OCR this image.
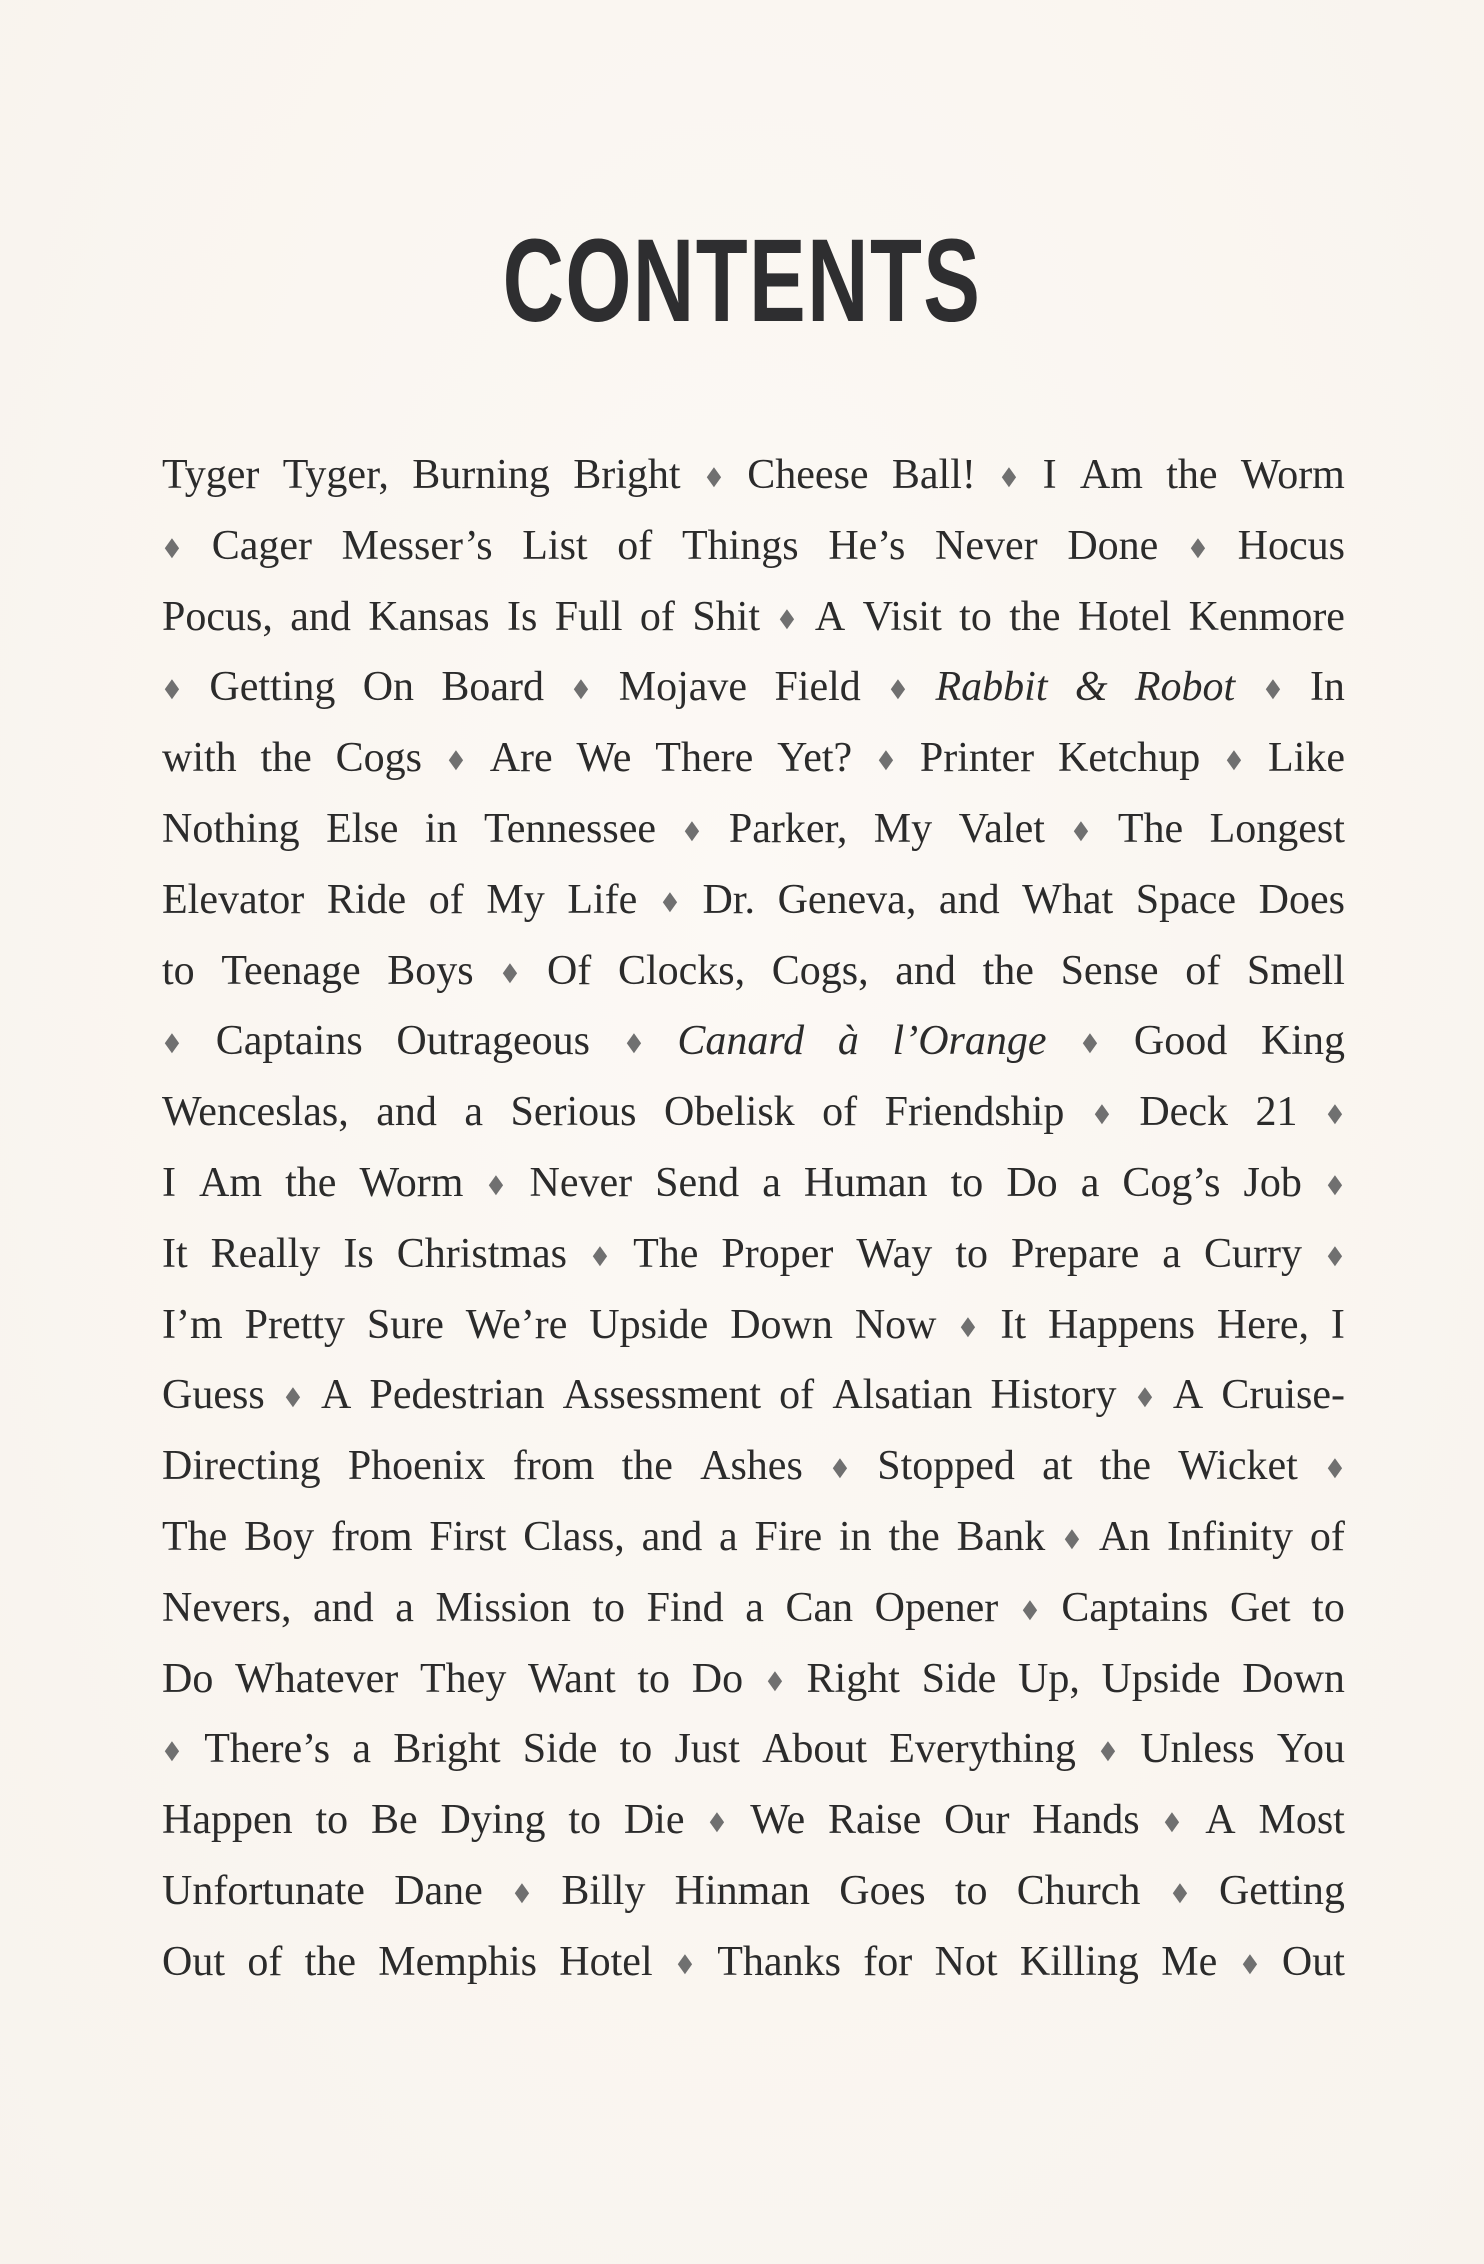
CONTENTS
Tyger Tyger, Burning Bright ◆ Cheese Ball! ◆ I Am the Worm
◆ Cager Messer’s List of Things He’s Never Done ◆ Hocus
Pocus, and Kansas Is Full of Shit ◆ A Visit to the Hotel Kenmore
◆ Getting On Board ◆ Mojave Field ◆ Rabbit & Robot ◆ In
with the Cogs ◆ Are We There Yet? ◆ Printer Ketchup ◆ Like
Nothing Else in Tennessee ◆ Parker, My Valet ◆ The Longest
Elevator Ride of My Life ◆ Dr. Geneva, and What Space Does
to Teenage Boys ◆ Of Clocks, Cogs, and the Sense of Smell
◆ Captains Outrageous ◆ Canard à l’Orange ◆ Good King
Wenceslas, and a Serious Obelisk of Friendship ◆ Deck 21 ◆
I Am the Worm ◆ Never Send a Human to Do a Cog’s Job ◆
It Really Is Christmas ◆ The Proper Way to Prepare a Curry ◆
I’m Pretty Sure We’re Upside Down Now ◆ It Happens Here, I
Guess ◆ A Pedestrian Assessment of Alsatian History ◆ A Cruise-
Directing Phoenix from the Ashes ◆ Stopped at the Wicket ◆
The Boy from First Class, and a Fire in the Bank ◆ An Infinity of
Nevers, and a Mission to Find a Can Opener ◆ Captains Get to
Do Whatever They Want to Do ◆ Right Side Up, Upside Down
◆ There’s a Bright Side to Just About Everything ◆ Unless You
Happen to Be Dying to Die ◆ We Raise Our Hands ◆ A Most
Unfortunate Dane ◆ Billy Hinman Goes to Church ◆ Getting
Out of the Memphis Hotel ◆ Thanks for Not Killing Me ◆ Out
